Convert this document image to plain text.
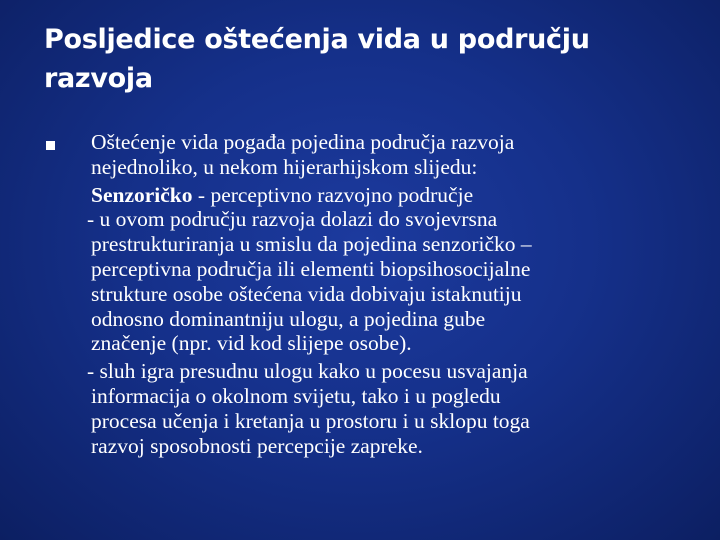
Posljedice oštećenja vida u području razvoja
Oštećenje vida pogađa pojedina područja razvoja
nejednoliko, u nekom hijerarhijskom slijedu:
Senzoričko - perceptivno razvojno područje
- u ovom području razvoja dolazi do svojevrsna
prestrukturiranja u smislu da pojedina senzoričko –
perceptivna područja ili elementi biopsihosocijalne
strukture osobe oštećena vida dobivaju istaknutiju
odnosno dominantniju ulogu, a pojedina gube
značenje (npr. vid kod slijepe osobe).
- sluh igra presudnu ulogu kako u pocesu usvajanja
informacija o okolnom svijetu, tako i u pogledu
procesa učenja i kretanja u prostoru i u sklopu toga
razvoj sposobnosti percepcije zapreke.
